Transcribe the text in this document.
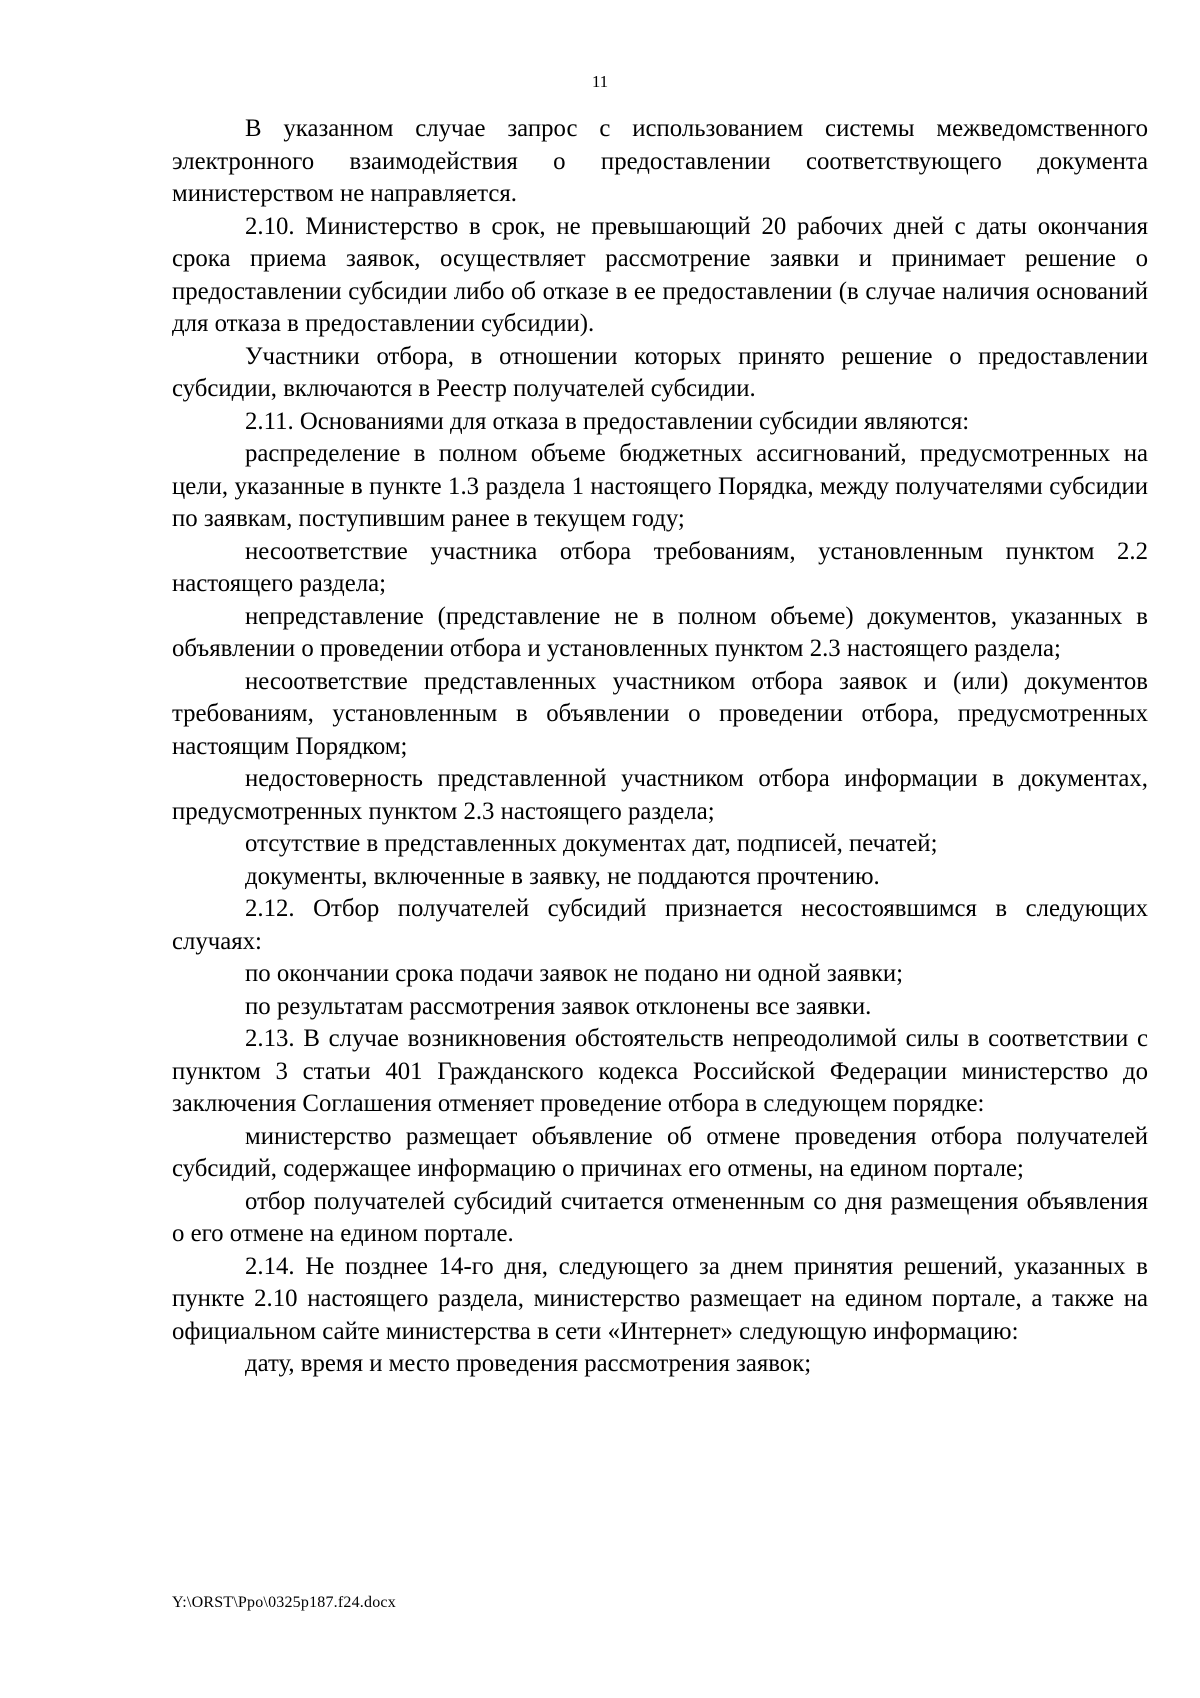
11

В указанном случае запрос с использованием системы межведомственного электронного взаимодействия о предоставлении соответствующего документа министерством не направляется.

2.10. Министерство в срок, не превышающий 20 рабочих дней с даты окончания срока приема заявок, осуществляет рассмотрение заявки и принимает решение о предоставлении субсидии либо об отказе в ее предоставлении (в случае наличия оснований для отказа в предоставлении субсидии).

Участники отбора, в отношении которых принято решение о предоставлении субсидии, включаются в Реестр получателей субсидии.

2.11. Основаниями для отказа в предоставлении субсидии являются:

распределение в полном объеме бюджетных ассигнований, предусмотренных на цели, указанные в пункте 1.3 раздела 1 настоящего Порядка, между получателями субсидии по заявкам, поступившим ранее в текущем году;

несоответствие участника отбора требованиям, установленным пунктом 2.2 настоящего раздела;

непредставление (представление не в полном объеме) документов, указанных в объявлении о проведении отбора и установленных пунктом 2.3 настоящего раздела;

несоответствие представленных участником отбора заявок и (или) документов требованиям, установленным в объявлении о проведении отбора, предусмотренных настоящим Порядком;

недостоверность представленной участником отбора информации в документах, предусмотренных пунктом 2.3 настоящего раздела;

отсутствие в представленных документах дат, подписей, печатей;

документы, включенные в заявку, не поддаются прочтению.

2.12. Отбор получателей субсидий признается несостоявшимся в следующих случаях:

по окончании срока подачи заявок не подано ни одной заявки;

по результатам рассмотрения заявок отклонены все заявки.

2.13. В случае возникновения обстоятельств непреодолимой силы в соответствии с пунктом 3 статьи 401 Гражданского кодекса Российской Федерации министерство до заключения Соглашения отменяет проведение отбора в следующем порядке:

министерство размещает объявление об отмене проведения отбора получателей субсидий, содержащее информацию о причинах его отмены, на едином портале;

отбор получателей субсидий считается отмененным со дня размещения объявления о его отмене на едином портале.

2.14. Не позднее 14-го дня, следующего за днем принятия решений, указанных в пункте 2.10 настоящего раздела, министерство размещает на едином портале, а также на официальном сайте министерства в сети «Интернет» следующую информацию:

дату, время и место проведения рассмотрения заявок;

Y:\ORST\Ppo\0325p187.f24.docx
